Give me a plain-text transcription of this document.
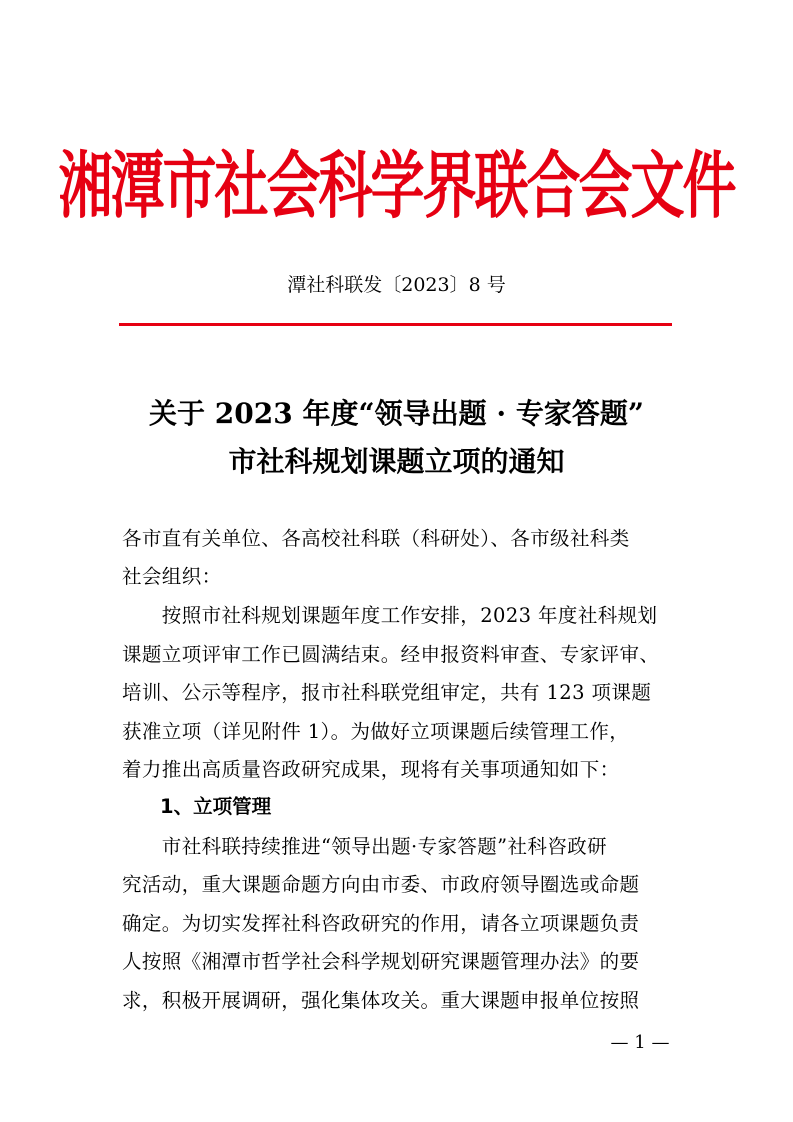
湘潭市社会科学界联合会文件
潭社科联发〔2023〕8 号
关于 2023 年度“领导出题 · 专家答题”
市社科规划课题立项的通知
各市直有关单位、各高校社科联（科研处）、各市级社科类
社会组织：
　　按照市社科规划课题年度工作安排，2023 年度社科规划
课题立项评审工作已圆满结束。经申报资料审查、专家评审、
培训、公示等程序，报市社科联党组审定，共有 123 项课题
获准立项（详见附件 1）。为做好立项课题后续管理工作，
着力推出高质量咨政研究成果，现将有关事项通知如下：
1、立项管理
　　市社科联持续推进“领导出题·专家答题”社科咨政研
究活动，重大课题命题方向由市委、市政府领导圈选或命题
确定。为切实发挥社科咨政研究的作用，请各立项课题负责
人按照《湘潭市哲学社会科学规划研究课题管理办法》的要
求，积极开展调研，强化集体攻关。重大课题申报单位按照
— 1 —
